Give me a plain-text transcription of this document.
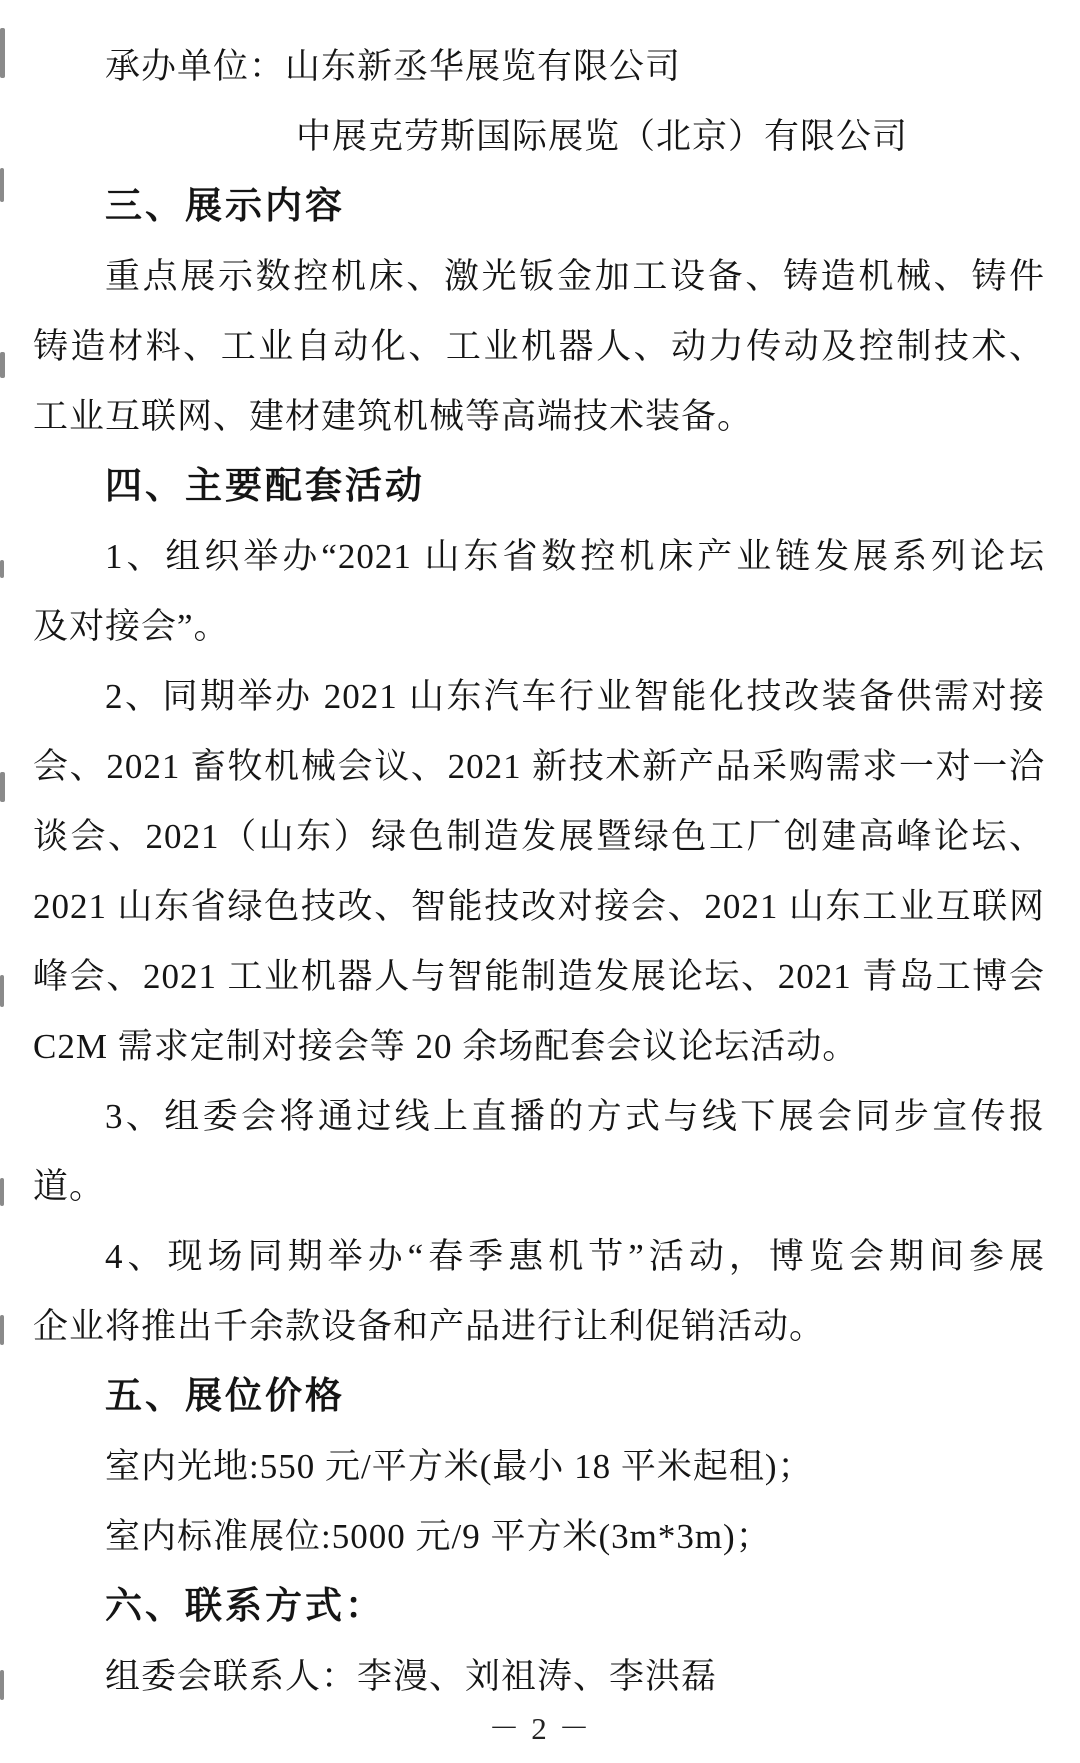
承办单位：山东新丞华展览有限公司
中展克劳斯国际展览（北京）有限公司
三、展示内容
重点展示数控机床、激光钣金加工设备、铸造机械、铸件
铸造材料、工业自动化、工业机器人、动力传动及控制技术、
工业互联网、建材建筑机械等高端技术装备。
四、主要配套活动
1、组织举办“2021 山东省数控机床产业链发展系列论坛
及对接会”。
2、同期举办 2021 山东汽车行业智能化技改装备供需对接
会、2021 畜牧机械会议、2021 新技术新产品采购需求一对一洽
谈会、2021（山东）绿色制造发展暨绿色工厂创建高峰论坛、
2021 山东省绿色技改、智能技改对接会、2021 山东工业互联网
峰会、2021 工业机器人与智能制造发展论坛、2021 青岛工博会
C2M 需求定制对接会等 20 余场配套会议论坛活动。
3、组委会将通过线上直播的方式与线下展会同步宣传报
道。
4、现场同期举办“春季惠机节”活动，博览会期间参展
企业将推出千余款设备和产品进行让利促销活动。
五、展位价格
室内光地:550 元/平方米(最小 18 平米起租)；
室内标准展位:5000 元/9 平方米(3m*3m)；
六、联系方式：
组委会联系人：李漫、刘祖涛、李洪磊
－ 2 －
